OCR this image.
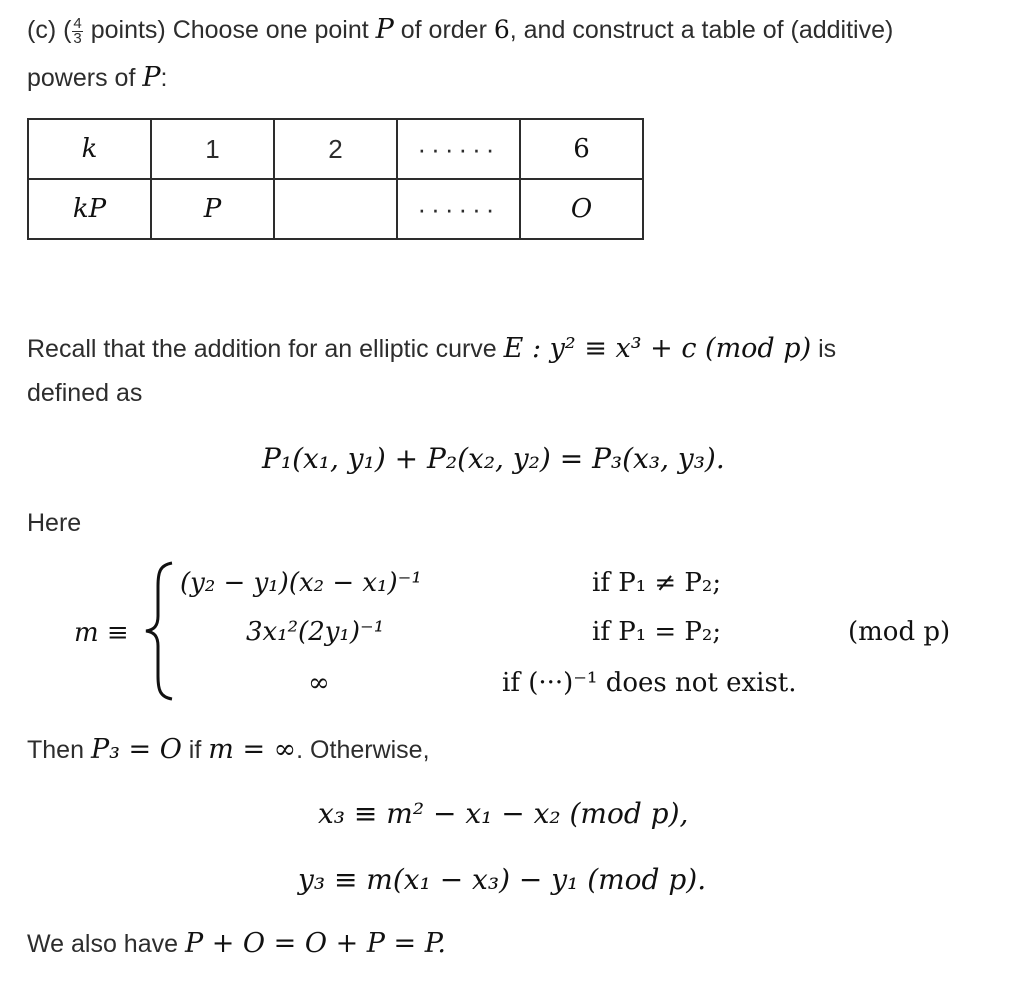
(c) ( $\frac{4}{3}$ points) Choose one point P of order 6, and construct a table of (additive)
powers of P:
k	1	2	······	6
kP	P		······	O
Recall that the addition for an elliptic curve E : y² ≡ x³ + c (mod p) is
defined as
P₁(x₁, y₁) + P₂(x₂, y₂) = P₃(x₃, y₃).
Here
m ≡
(y₂ − y₁)(x₂ − x₁)⁻¹	if P₁ ≠ P₂;
3x₁²(2y₁)⁻¹	if P₁ = P₂;	(mod p)
∞	if (···)⁻¹ does not exist.
Then P₃ = O if m = ∞. Otherwise,
x₃ ≡ m² − x₁ − x₂ (mod p),
y₃ ≡ m(x₁ − x₃) − y₁ (mod p).
We also have P + O = O + P = P.
